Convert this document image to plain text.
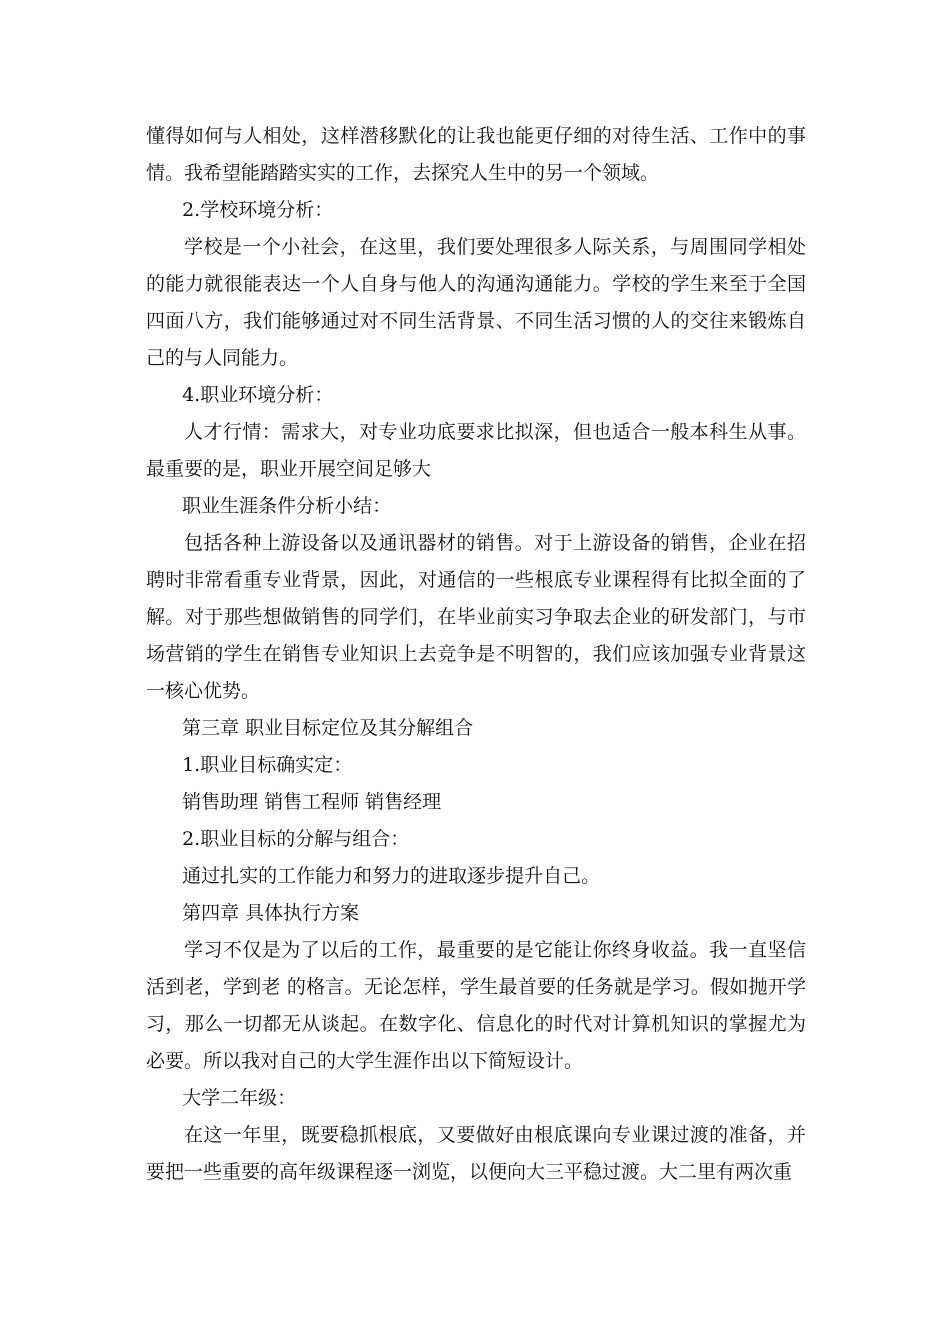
懂得如何与人相处，这样潜移默化的让我也能更仔细的对待生活、工作中的事情。我希望能踏踏实实的工作，去探究人生中的另一个领域。

2.学校环境分析：

学校是一个小社会，在这里，我们要处理很多人际关系，与周围同学相处的能力就很能表达一个人自身与他人的沟通沟通能力。学校的学生来至于全国四面八方，我们能够通过对不同生活背景、不同生活习惯的人的交往来锻炼自己的与人同能力。

4.职业环境分析：

人才行情：需求大，对专业功底要求比拟深，但也适合一般本科生从事。最重要的是，职业开展空间足够大

职业生涯条件分析小结：

包括各种上游设备以及通讯器材的销售。对于上游设备的销售，企业在招聘时非常看重专业背景，因此，对通信的一些根底专业课程得有比拟全面的了解。对于那些想做销售的同学们，在毕业前实习争取去企业的研发部门，与市场营销的学生在销售专业知识上去竞争是不明智的，我们应该加强专业背景这一核心优势。

第三章 职业目标定位及其分解组合

1.职业目标确实定：

销售助理 销售工程师 销售经理

2.职业目标的分解与组合：

通过扎实的工作能力和努力的进取逐步提升自己。

第四章 具体执行方案

学习不仅是为了以后的工作，最重要的是它能让你终身收益。我一直坚信活到老，学到老 的格言。无论怎样，学生最首要的任务就是学习。假如抛开学习，那么一切都无从谈起。在数字化、信息化的时代对计算机知识的掌握尤为必要。所以我对自己的大学生涯作出以下简短设计。

大学二年级：

在这一年里，既要稳抓根底，又要做好由根底课向专业课过渡的准备，并要把一些重要的高年级课程逐一浏览，以便向大三平稳过渡。大二里有两次重
